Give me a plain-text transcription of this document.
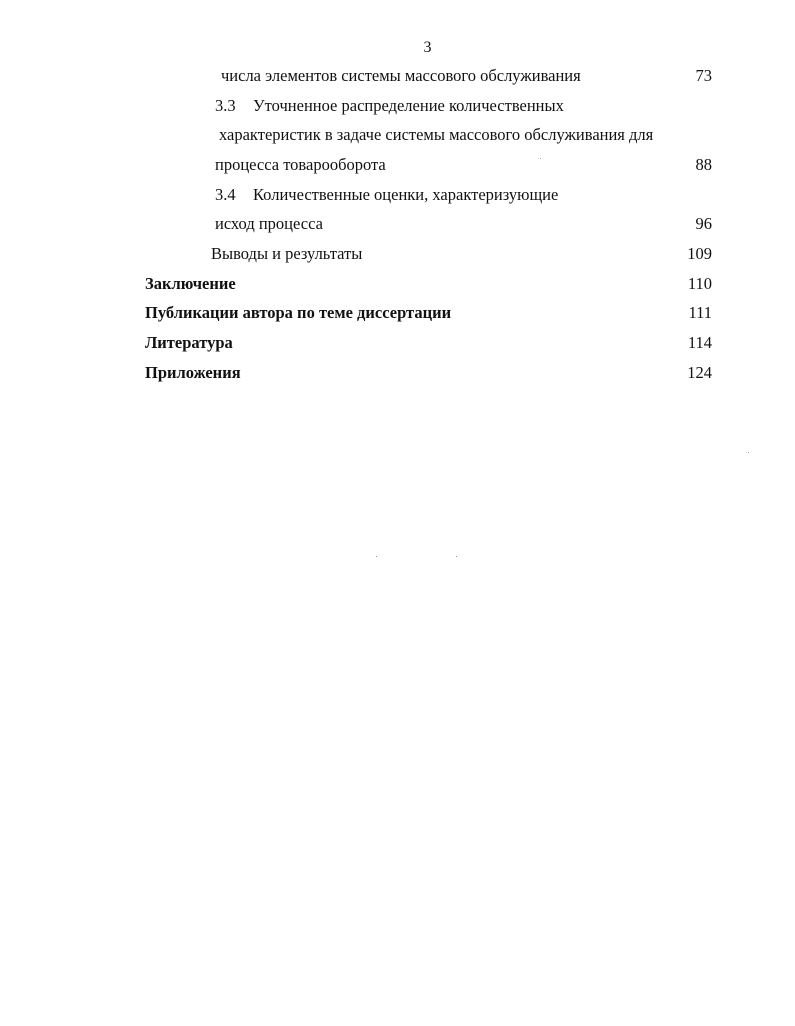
3
числа элементов системы массового обслуживания	73
3.3 Уточненное распределение количественных
характеристик в задаче системы массового обслуживания для
процесса товарооборота	88
3.4 Количественные оценки, характеризующие
исход процесса	96
Выводы и результаты	109
Заключение	110
Публикации автора по теме диссертации	111
Литература	114
Приложения	124
